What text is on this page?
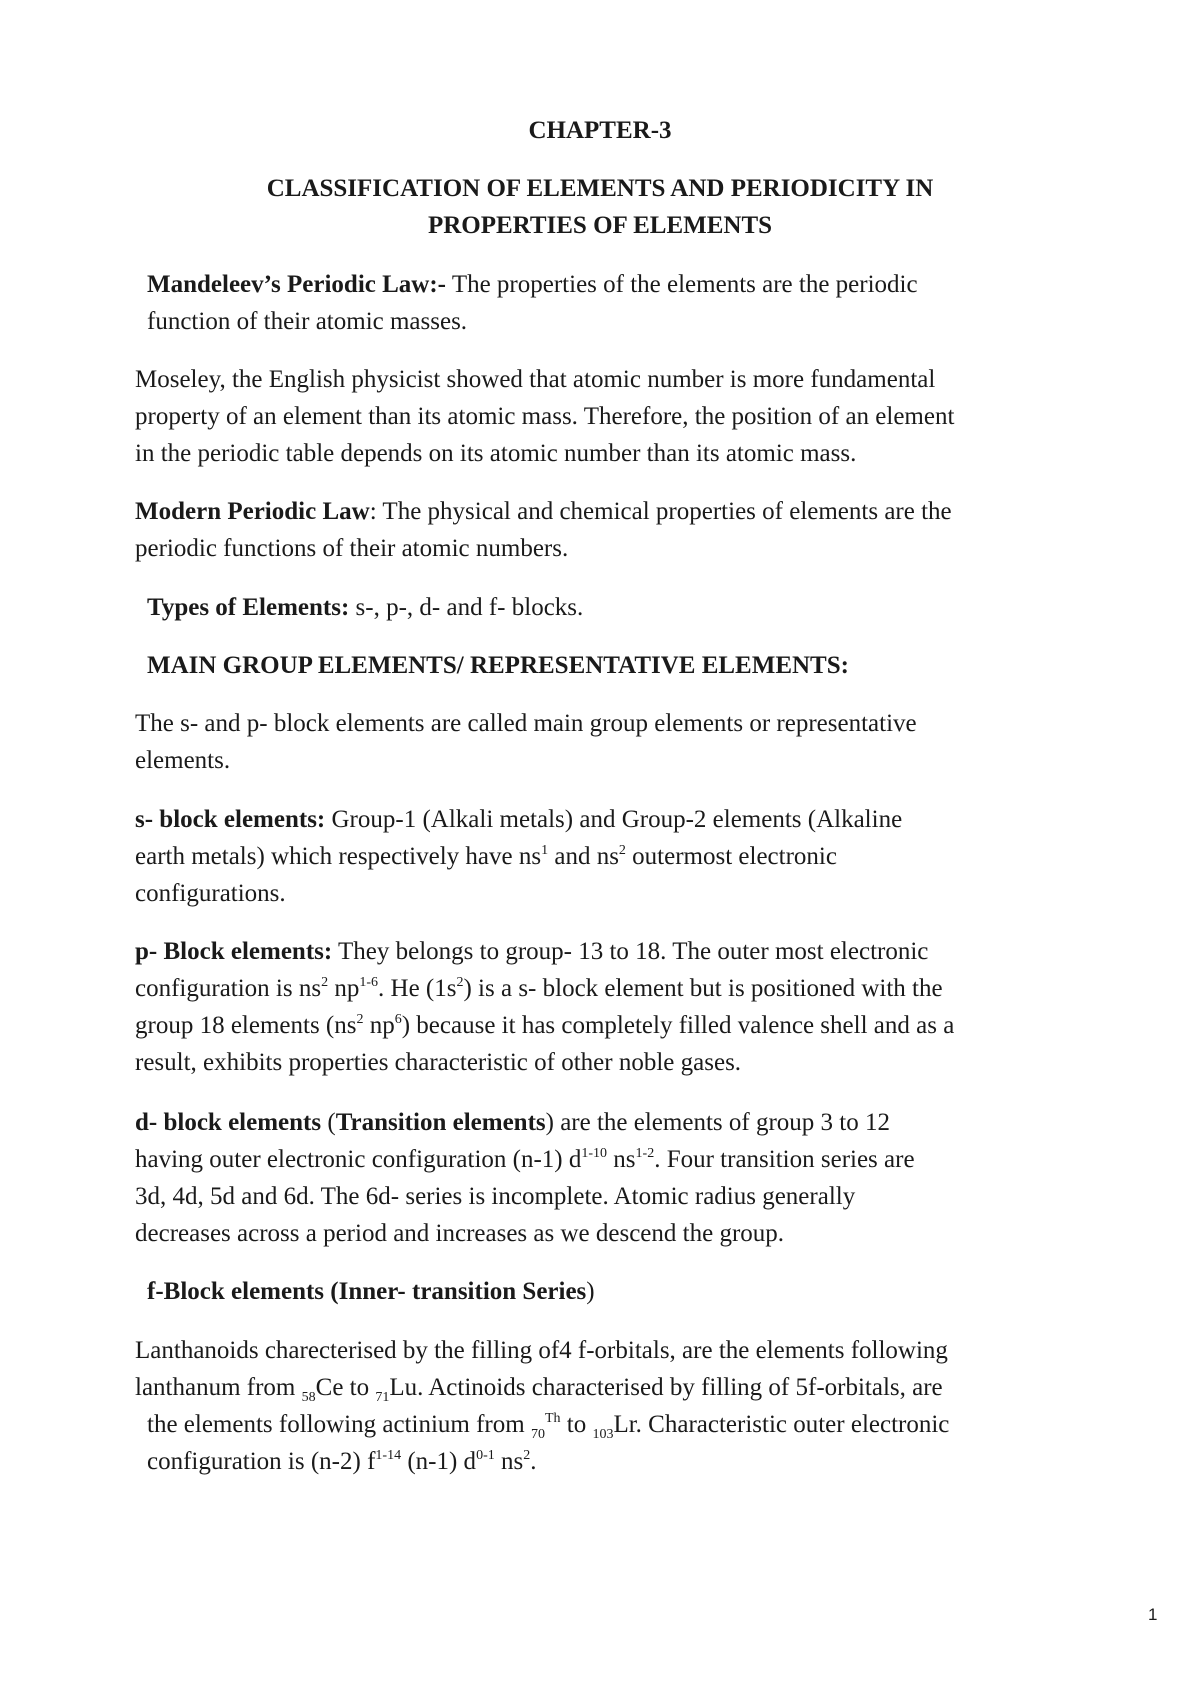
CHAPTER-3

CLASSIFICATION OF ELEMENTS AND PERIODICITY IN

PROPERTIES OF ELEMENTS

Mandeleev’s Periodic Law:- The properties of the elements are the periodic

function of their atomic masses.

Moseley, the English physicist showed that atomic number is more fundamental

property of an element than its atomic mass. Therefore, the position of an element

in the periodic table depends on its atomic number than its atomic mass.

Modern Periodic Law: The physical and chemical properties of elements are the

periodic functions of their atomic numbers.

Types of Elements: s-, p-, d- and f- blocks.

MAIN GROUP ELEMENTS/ REPRESENTATIVE ELEMENTS:

The s- and p- block elements are called main group elements or representative

elements.

s- block elements: Group-1 (Alkali metals) and Group-2 elements (Alkaline

earth metals) which respectively have $ns^1$ and $ns^2$ outermost electronic

configurations.

p- Block elements: They belongs to group- 13 to 18. The outer most electronic

configuration is $ns^2$ $np^{1-6}$. He $(1s^2)$ is a s- block element but is positioned with the

group 18 elements ($ns^2$ $np^6$) because it has completely filled valence shell and as a

result, exhibits properties characteristic of other noble gases.

d- block elements (Transition elements) are the elements of group 3 to 12

having outer electronic configuration (n-1) $d^{1-10}$ $ns^{1-2}$. Four transition series are

3d, 4d, 5d and 6d. The 6d- series is incomplete. Atomic radius generally

decreases across a period and increases as we descend the group.

f-Block elements (Inner- transition Series)

Lanthanoids charecterised by the filling of4 f-orbitals, are the elements following

lanthanum from $_{58}$Ce to $_{71}$Lu. Actinoids characterised by filling of 5f-orbitals, are

the elements following actinium from $_{70}^{Th}$ to $_{103}$Lr. Characteristic outer electronic

configuration is (n-2) $f^{1-14}$ (n-1) $d^{0-1}$ $ns^2$.

1
